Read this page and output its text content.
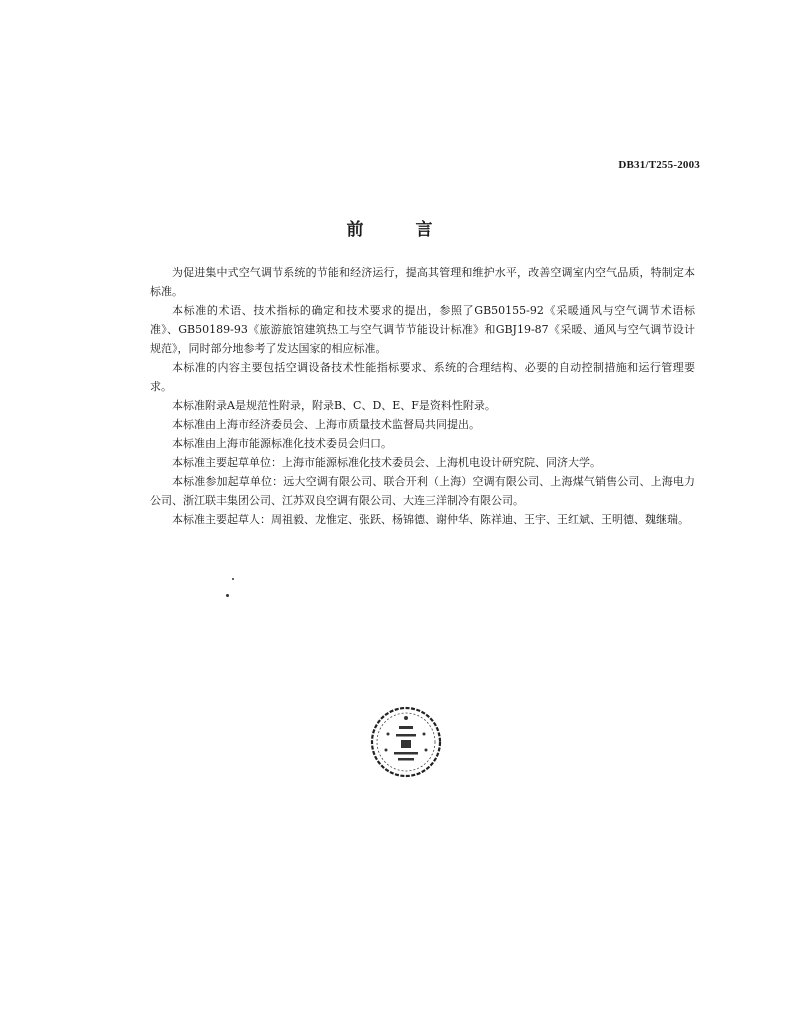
DB31/T255-2003
前言

为促进集中式空气调节系统的节能和经济运行，提高其管理和维护水平，改善空调室内空气品质，特制定本标准。

本标准的术语、技术指标的确定和技术要求的提出，参照了GB50155-92《采暖通风与空气调节术语标准》、GB50189-93《旅游旅馆建筑热工与空气调节节能设计标准》和GBJ19-87《采暖、通风与空气调节设计规范》，同时部分地参考了发达国家的相应标准。

本标准的内容主要包括空调设备技术性能指标要求、系统的合理结构、必要的自动控制措施和运行管理要求。

本标准附录A是规范性附录，附录B、C、D、E、F是资料性附录。

本标准由上海市经济委员会、上海市质量技术监督局共同提出。

本标准由上海市能源标准化技术委员会归口。

本标准主要起草单位：上海市能源标准化技术委员会、上海机电设计研究院、同济大学。

本标准参加起草单位：远大空调有限公司、联合开利（上海）空调有限公司、上海煤气销售公司、上海电力公司、浙江联丰集团公司、江苏双良空调有限公司、大连三洋制冷有限公司。

本标准主要起草人：周祖毅、龙惟定、张跃、杨锦德、谢仲华、陈祥迪、王宇、王红斌、王明德、魏继瑞。
